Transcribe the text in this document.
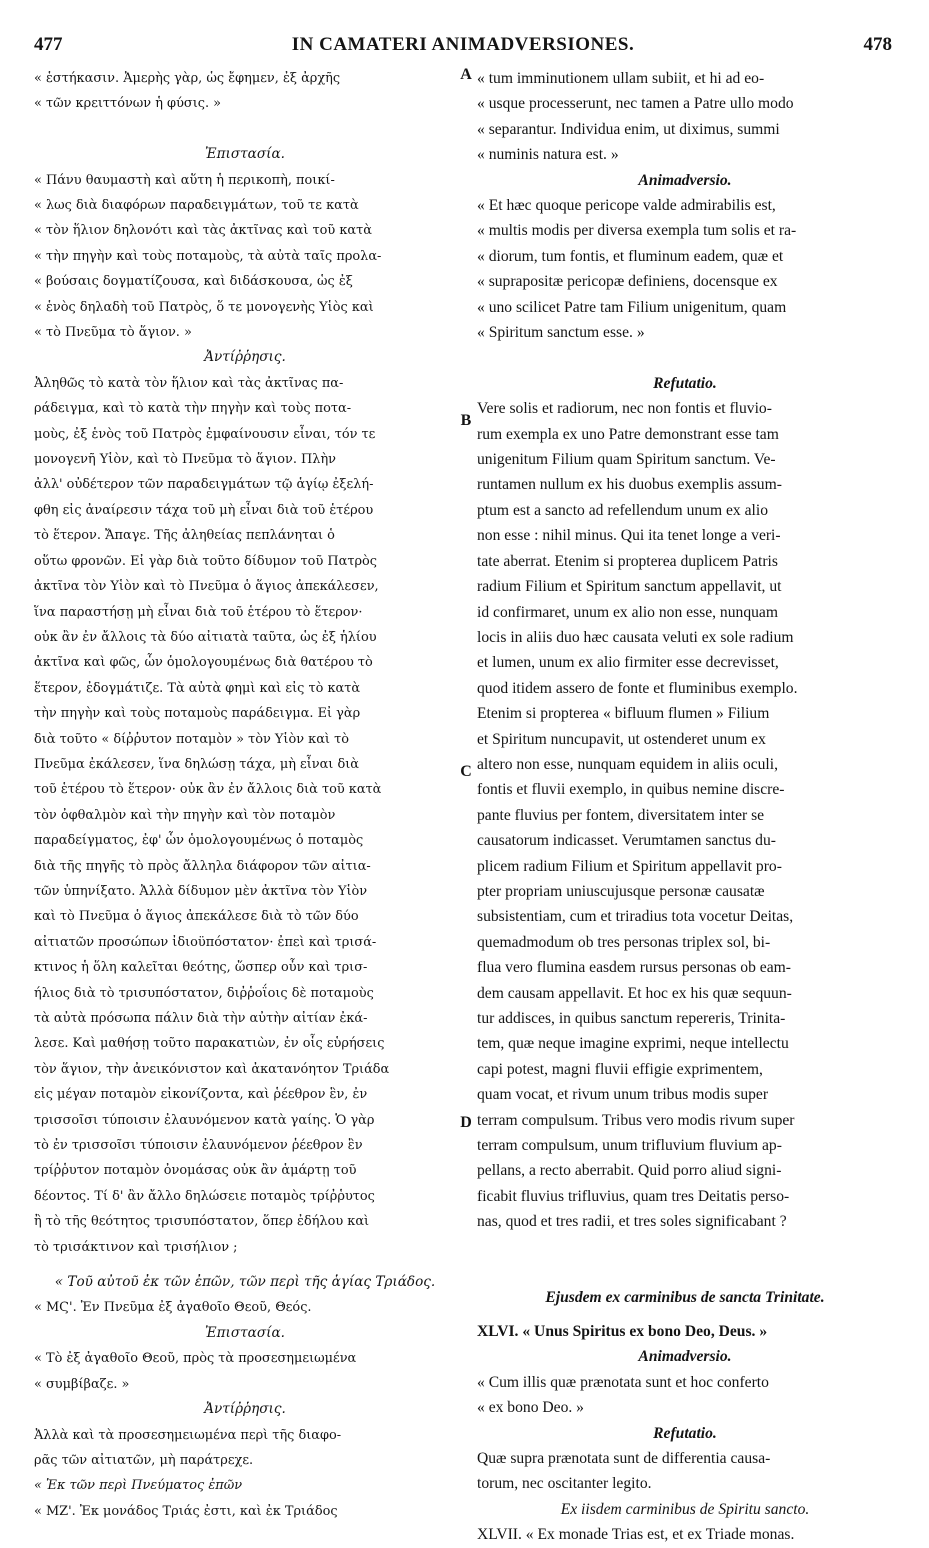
477	IN CAMATERI ANIMADVERSIONES.	478
A
B
C
D

« ἑστήκασιν. Ἀμερὴς γὰρ, ὡς ἔφημεν, ἐξ ἀρχῆς
« τῶν κρειττόνων ἡ φύσις. »

Ἐπιστασία.

« Πάνυ θαυμαστὴ καὶ αὕτη ἡ περικοπὴ, ποικί-
« λως διὰ διαφόρων παραδειγμάτων, τοῦ τε κατὰ
« τὸν ἥλιον δηλονότι καὶ τὰς ἀκτῖνας καὶ τοῦ κατὰ
« τὴν πηγὴν καὶ τοὺς ποταμοὺς, τὰ αὐτὰ ταῖς προλα-
« βούσαις δογματίζουσα, καὶ διδάσκουσα, ὡς ἐξ
« ἑνὸς δηλαδὴ τοῦ Πατρὸς, ὅ τε μονογενὴς Υἱὸς καὶ
« τὸ Πνεῦμα τὸ ἅγιον. »

Ἀντίῤῥησις.

Ἀληθῶς τὸ κατὰ τὸν ἥλιον καὶ τὰς ἀκτῖνας πα-
ράδειγμα, καὶ τὸ κατὰ τὴν πηγὴν καὶ τοὺς ποτα-
μοὺς, ἐξ ἑνὸς τοῦ Πατρὸς ἐμφαίνουσιν εἶναι, τόν τε
μονογενῆ Υἱὸν, καὶ τὸ Πνεῦμα τὸ ἅγιον. Πλὴν
ἀλλ' οὐδέτερον τῶν παραδειγμάτων τῷ ἁγίῳ ἐξελή-
φθη εἰς ἀναίρεσιν τάχα τοῦ μὴ εἶναι διὰ τοῦ ἑτέρου
τὸ ἕτερον. Ἄπαγε. Τῆς ἀληθείας πεπλάνηται ὁ
οὕτω φρονῶν. Εἰ γὰρ διὰ τοῦτο δίδυμον τοῦ Πατρὸς
ἀκτῖνα τὸν Υἱὸν καὶ τὸ Πνεῦμα ὁ ἅγιος ἀπεκάλεσεν,
ἵνα παραστήσῃ μὴ εἶναι διὰ τοῦ ἑτέρου τὸ ἕτερον·
οὐκ ἂν ἐν ἄλλοις τὰ δύο αἰτιατὰ ταῦτα, ὡς ἐξ ἡλίου
ἀκτῖνα καὶ φῶς, ὧν ὁμολογουμένως διὰ θατέρου τὸ
ἕτερον, ἐδογμάτιζε. Τὰ αὐτὰ φημὶ καὶ εἰς τὸ κατὰ
τὴν πηγὴν καὶ τοὺς ποταμοὺς παράδειγμα. Εἰ γὰρ
διὰ τοῦτο « δίῤῥυτον ποταμὸν » τὸν Υἱὸν καὶ τὸ
Πνεῦμα ἐκάλεσεν, ἵνα δηλώσῃ τάχα, μὴ εἶναι διὰ
τοῦ ἑτέρου τὸ ἕτερον· οὐκ ἂν ἐν ἄλλοις διὰ τοῦ κατὰ
τὸν ὀφθαλμὸν καὶ τὴν πηγὴν καὶ τὸν ποταμὸν
παραδείγματος, ἐφ' ὧν ὁμολογουμένως ὁ ποταμὸς
διὰ τῆς πηγῆς τὸ πρὸς ἄλληλα διάφορον τῶν αἰτια-
τῶν ὑπηνίξατο. Ἀλλὰ δίδυμον μὲν ἀκτῖνα τὸν Υἱὸν
καὶ τὸ Πνεῦμα ὁ ἅγιος ἀπεκάλεσε διὰ τὸ τῶν δύο
αἰτιατῶν προσώπων ἰδιοϋπόστατον· ἐπεὶ καὶ τρισά-
κτινος ἡ ὅλη καλεῖται θεότης, ὥσπερ οὖν καὶ τρισ-
ήλιος διὰ τὸ τρισυπόστατον, διῤῥοΐοις δὲ ποταμοὺς
τὰ αὐτὰ πρόσωπα πάλιν διὰ τὴν αὐτὴν αἰτίαν ἐκά-
λεσε. Καὶ μαθήσῃ τοῦτο παρακατιὼν, ἐν οἷς εὑρήσεις
τὸν ἅγιον, τὴν ἀνεικόνιστον καὶ ἀκατανόητον Τριάδα
εἰς μέγαν ποταμὸν εἰκονίζοντα, καὶ ῥέεθρον ἓν, ἐν
τρισσοῖσι τύποισιν ἐλαυνόμενον κατὰ γαίης. Ὁ γὰρ
τὸ ἐν τρισσοῖσι τύποισιν ἐλαυνόμενον ῥέεθρον ἓν
τρίῤῥυτον ποταμὸν ὀνομάσας οὐκ ἂν ἁμάρτῃ τοῦ
δέοντος. Τί δ' ἂν ἄλλο δηλώσειε ποταμὸς τρίῤῥυτος
ἢ τὸ τῆς θεότητος τρισυπόστατον, ὅπερ ἐδήλου καὶ
τὸ τρισάκτινον καὶ τρισήλιον ;

« Τοῦ αὐτοῦ ἐκ τῶν ἐπῶν, τῶν περὶ τῆς ἁγίας Τριάδος.

« ΜϚ'. Ἐν Πνεῦμα ἐξ ἀγαθοῖο Θεοῦ, Θεός.

Ἐπιστασία.

« Τὸ ἐξ ἀγαθοῖο Θεοῦ, πρὸς τὰ προσεσημειωμένα
« συμβίβαζε. »

Ἀντίῤῥησις.

Ἀλλὰ καὶ τὰ προσεσημειωμένα περὶ τῆς διαφο-
ρᾶς τῶν αἰτιατῶν, μὴ παράτρεχε.

« Ἐκ τῶν περὶ Πνεύματος ἐπῶν

« ΜΖ'. Ἐκ μονάδος Τριάς ἐστι, καὶ ἐκ Τριάδος

« tum imminutionem ullam subiit, et hi ad eo-
« usque processerunt, nec tamen a Patre ullo modo
« separantur. Individua enim, ut diximus, summi
« numinis natura est. »

Animadversio.

« Et hæc quoque pericope valde admirabilis est,
« multis modis per diversa exempla tum solis et ra-
« diorum, tum fontis, et fluminum eadem, quæ et
« suprapositæ pericopæ definiens, docensque ex
« uno scilicet Patre tam Filium unigenitum, quam
« Spiritum sanctum esse. »

Refutatio.

Vere solis et radiorum, nec non fontis et fluvio-
rum exempla ex uno Patre demonstrant esse tam
unigenitum Filium quam Spiritum sanctum. Ve-
runtamen nullum ex his duobus exemplis assum-
ptum est a sancto ad refellendum unum ex alio
non esse : nihil minus. Qui ita tenet longe a veri-
tate aberrat. Etenim si propterea duplicem Patris
radium Filium et Spiritum sanctum appellavit, ut
id confirmaret, unum ex alio non esse, nunquam
locis in aliis duo hæc causata veluti ex sole radium
et lumen, unum ex alio firmiter esse decrevisset,
quod itidem assero de fonte et fluminibus exemplo.
Etenim si propterea « bifluum flumen » Filium
et Spiritum nuncupavit, ut ostenderet unum ex
altero non esse, nunquam equidem in aliis oculi,
fontis et fluvii exemplo, in quibus nemine discre-
pante fluvius per fontem, diversitatem inter se
causatorum indicasset. Verumtamen sanctus du-
plicem radium Filium et Spiritum appellavit pro-
pter propriam uniuscujusque personæ causatæ
subsistentiam, cum et triradius tota vocetur Deitas,
quemadmodum ob tres personas triplex sol, bi-
flua vero flumina easdem rursus personas ob eam-
dem causam appellavit. Et hoc ex his quæ sequun-
tur addisces, in quibus sanctum repereris, Trinita-
tem, quæ neque imagine exprimi, neque intellectu
capi potest, magni fluvii effigie exprimentem,
quam vocat, et rivum unum tribus modis super
terram compulsum. Tribus vero modis rivum super
terram compulsum, unum trifluvium fluvium ap-
pellans, a recto aberrabit. Quid porro aliud signi-
ficabit fluvius trifluvius, quam tres Deitatis perso-
nas, quod et tres radii, et tres soles significabant ?

Ejusdem ex carminibus de sancta Trinitate.

XLVI. « Unus Spiritus ex bono Deo, Deus. »

Animadversio.

« Cum illis quæ prænotata sunt et hoc conferto
« ex bono Deo. »

Refutatio.

Quæ supra prænotata sunt de differentia causa-
torum, nec oscitanter legito.

Ex iisdem carminibus de Spiritu sancto.

XLVII. « Ex monade Trias est, et ex Triade monas.
